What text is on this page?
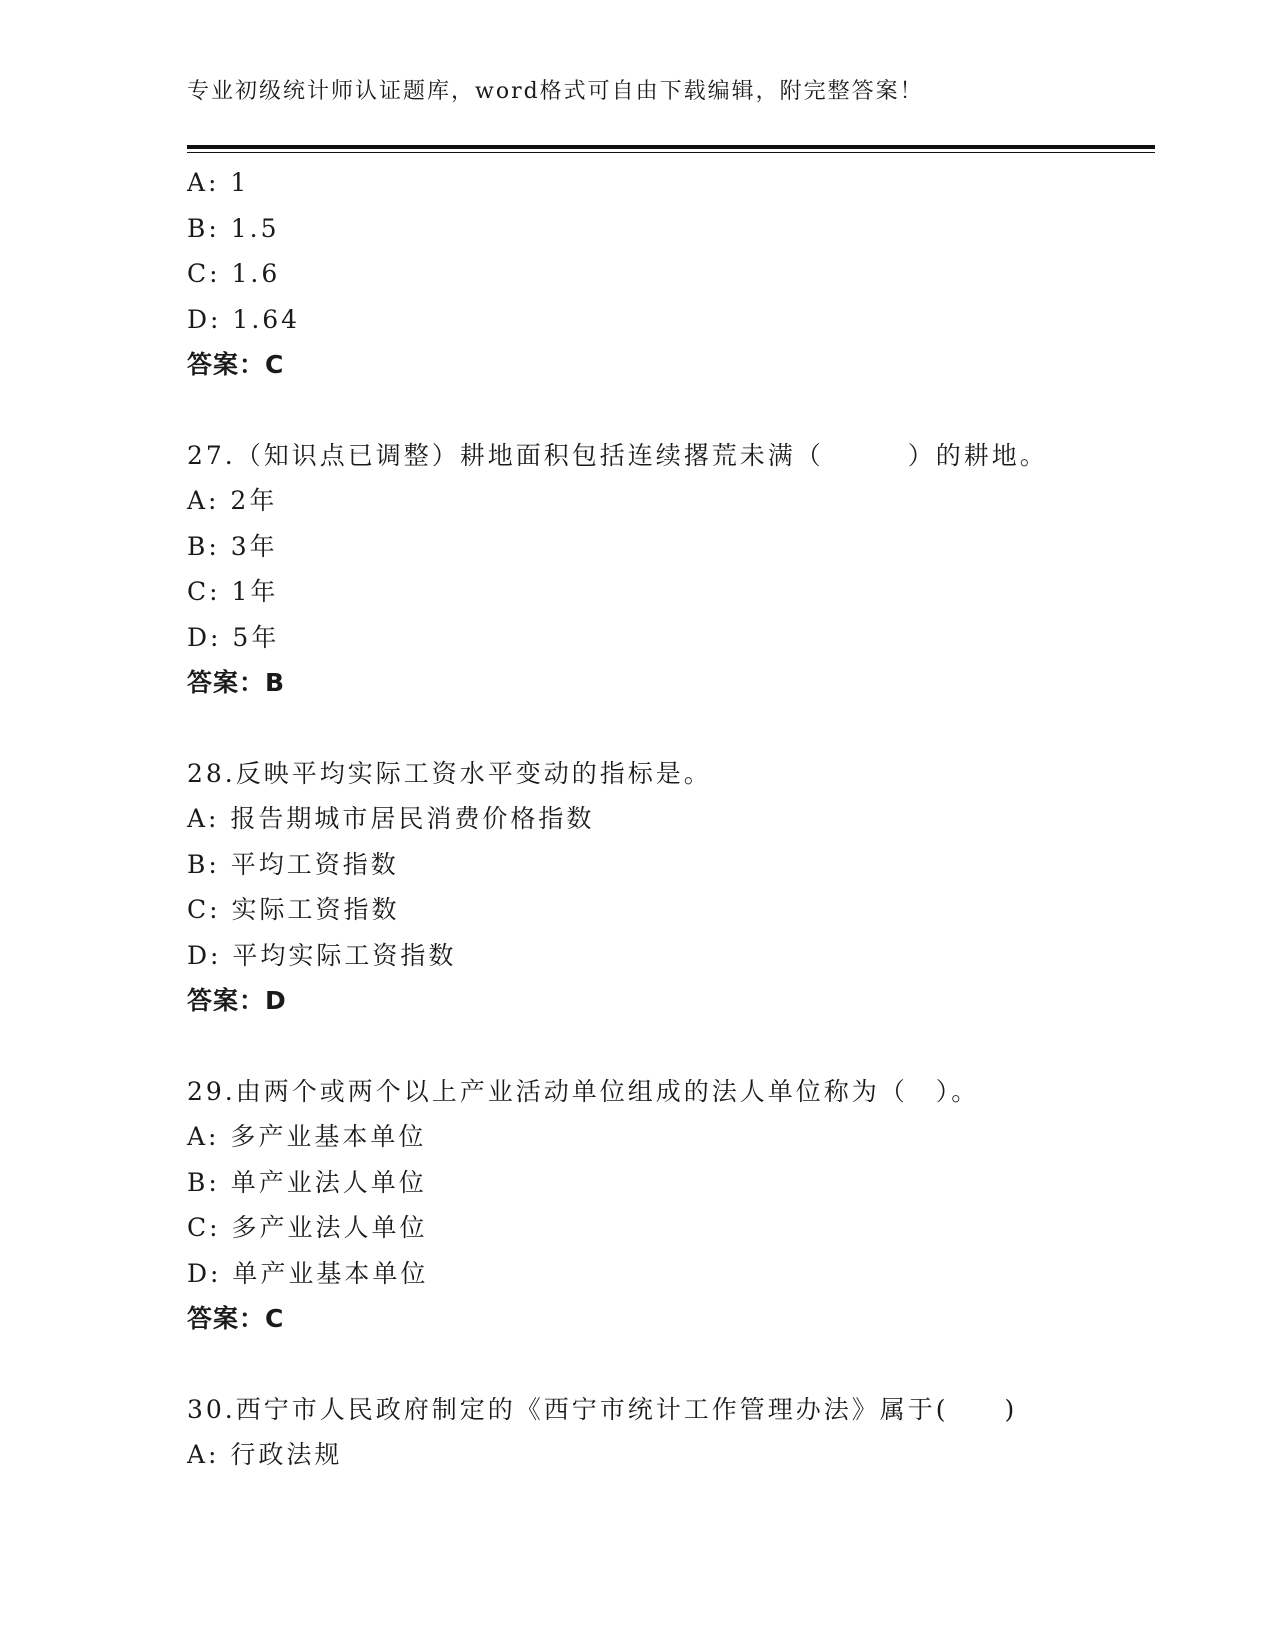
专业初级统计师认证题库，word格式可自由下载编辑，附完整答案！
A: 1
B: 1.5
C: 1.6
D: 1.64
答案：C
27.（知识点已调整）耕地面积包括连续撂荒未满（　　　）的耕地。
A: 2年
B: 3年
C: 1年
D: 5年
答案：B
28.反映平均实际工资水平变动的指标是。
A: 报告期城市居民消费价格指数
B: 平均工资指数
C: 实际工资指数
D: 平均实际工资指数
答案：D
29.由两个或两个以上产业活动单位组成的法人单位称为（　）。
A: 多产业基本单位
B: 单产业法人单位
C: 多产业法人单位
D: 单产业基本单位
答案：C
30.西宁市人民政府制定的《西宁市统计工作管理办法》属于(　　)
A: 行政法规
